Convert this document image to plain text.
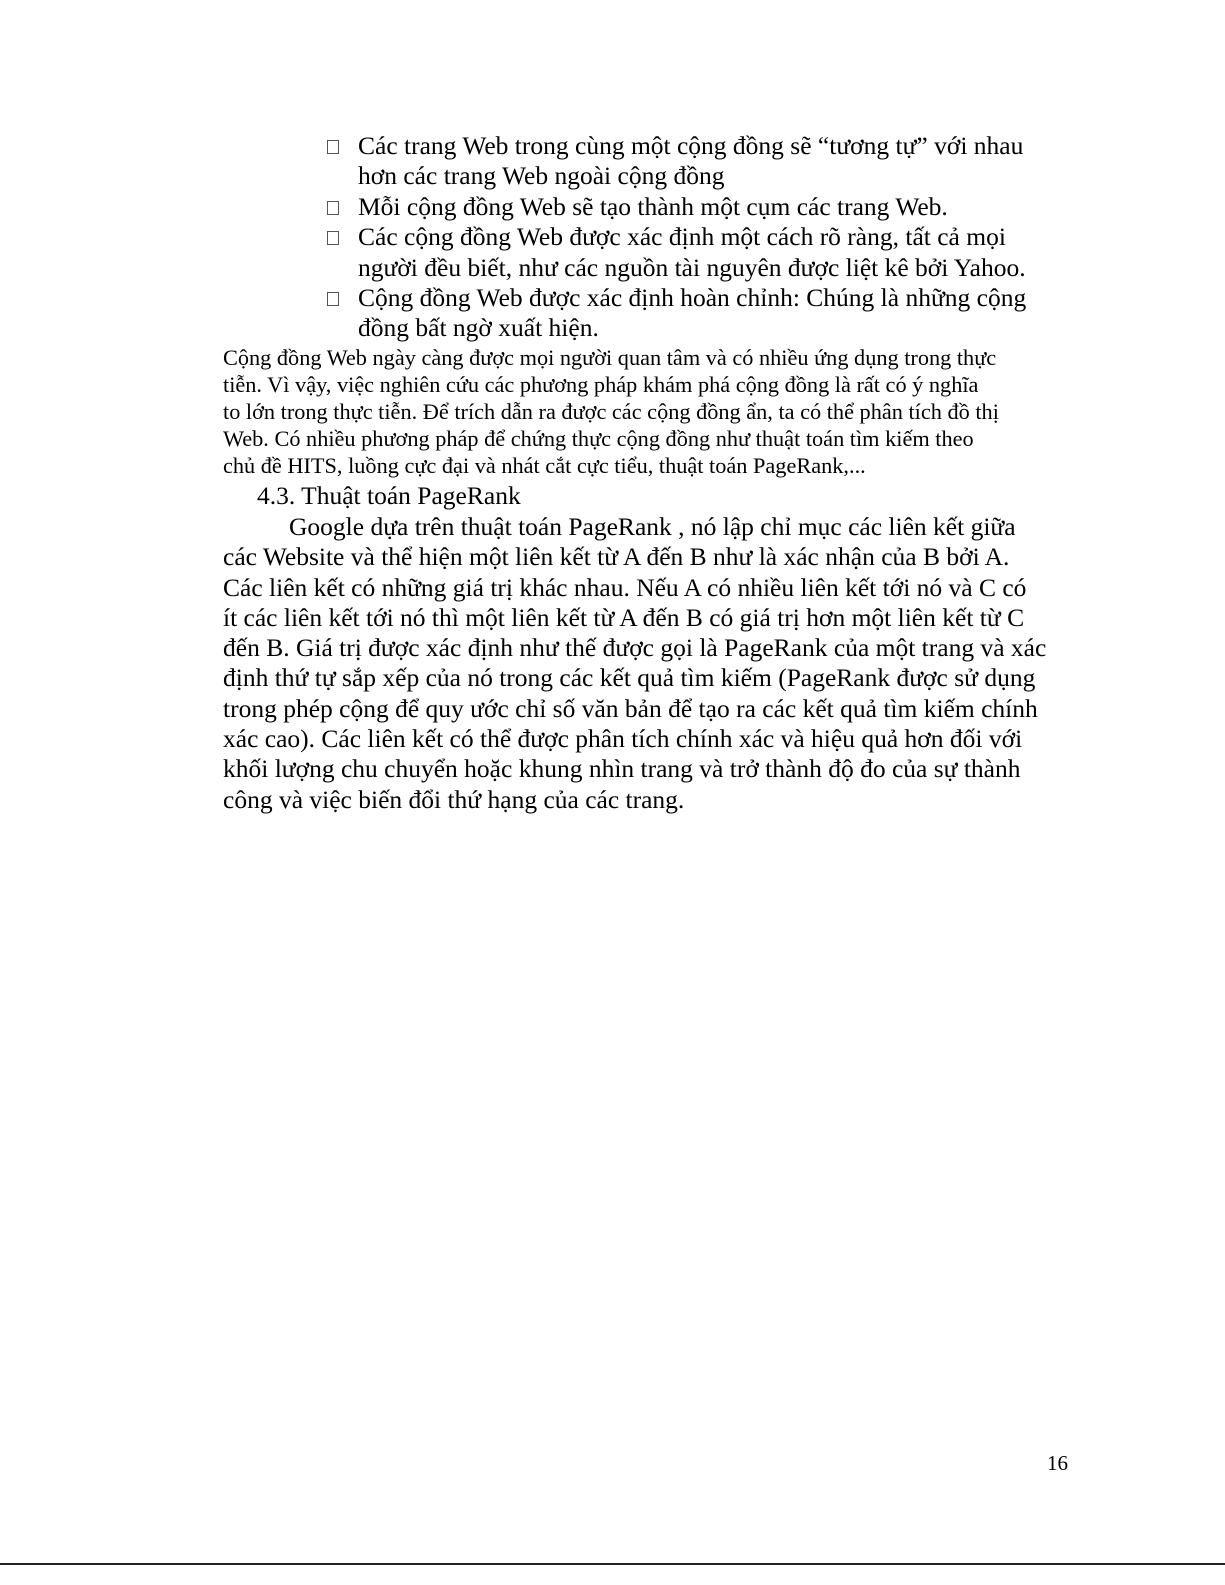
Các trang Web trong cùng một cộng đồng sẽ “tương tự” với nhau
hơn các trang Web ngoài cộng đồng
Mỗi cộng đồng Web sẽ tạo thành một cụm các trang Web.
Các cộng đồng Web được xác định một cách rõ ràng, tất cả mọi
người đều biết, như các nguồn tài nguyên được liệt kê bởi Yahoo.
Cộng đồng Web được xác định hoàn chỉnh: Chúng là những cộng
đồng bất ngờ xuất hiện.

Cộng đồng Web ngày càng được mọi người quan tâm và có nhiều ứng dụng trong thực
tiễn. Vì vậy, việc nghiên cứu các phương pháp khám phá cộng đồng là rất có ý nghĩa
to lớn trong thực tiễn. Để trích dẫn ra được các cộng đồng ẩn, ta có thể phân tích đồ thị
Web. Có nhiều phương pháp để chứng thực cộng đồng như thuật toán tìm kiếm theo
chủ đề HITS, luồng cực đại và nhát cắt cực tiểu, thuật toán PageRank,...

4.3. Thuật toán PageRank

Google dựa trên thuật toán PageRank , nó lập chỉ mục các liên kết giữa
các Website và thể hiện một liên kết từ A đến B như là xác nhận của B bởi A.
Các liên kết có những giá trị khác nhau. Nếu A có nhiều liên kết tới nó và C có
ít các liên kết tới nó thì một liên kết từ A đến B có giá trị hơn một liên kết từ C
đến B. Giá trị được xác định như thế được gọi là PageRank của một trang và xác
định thứ tự sắp xếp của nó trong các kết quả tìm kiếm (PageRank được sử dụng
trong phép cộng để quy ước chỉ số văn bản để tạo ra các kết quả tìm kiếm chính
xác cao). Các liên kết có thể được phân tích chính xác và hiệu quả hơn đối với
khối lượng chu chuyển hoặc khung nhìn trang và trở thành độ đo của sự thành
công và việc biến đổi thứ hạng của các trang.

16
